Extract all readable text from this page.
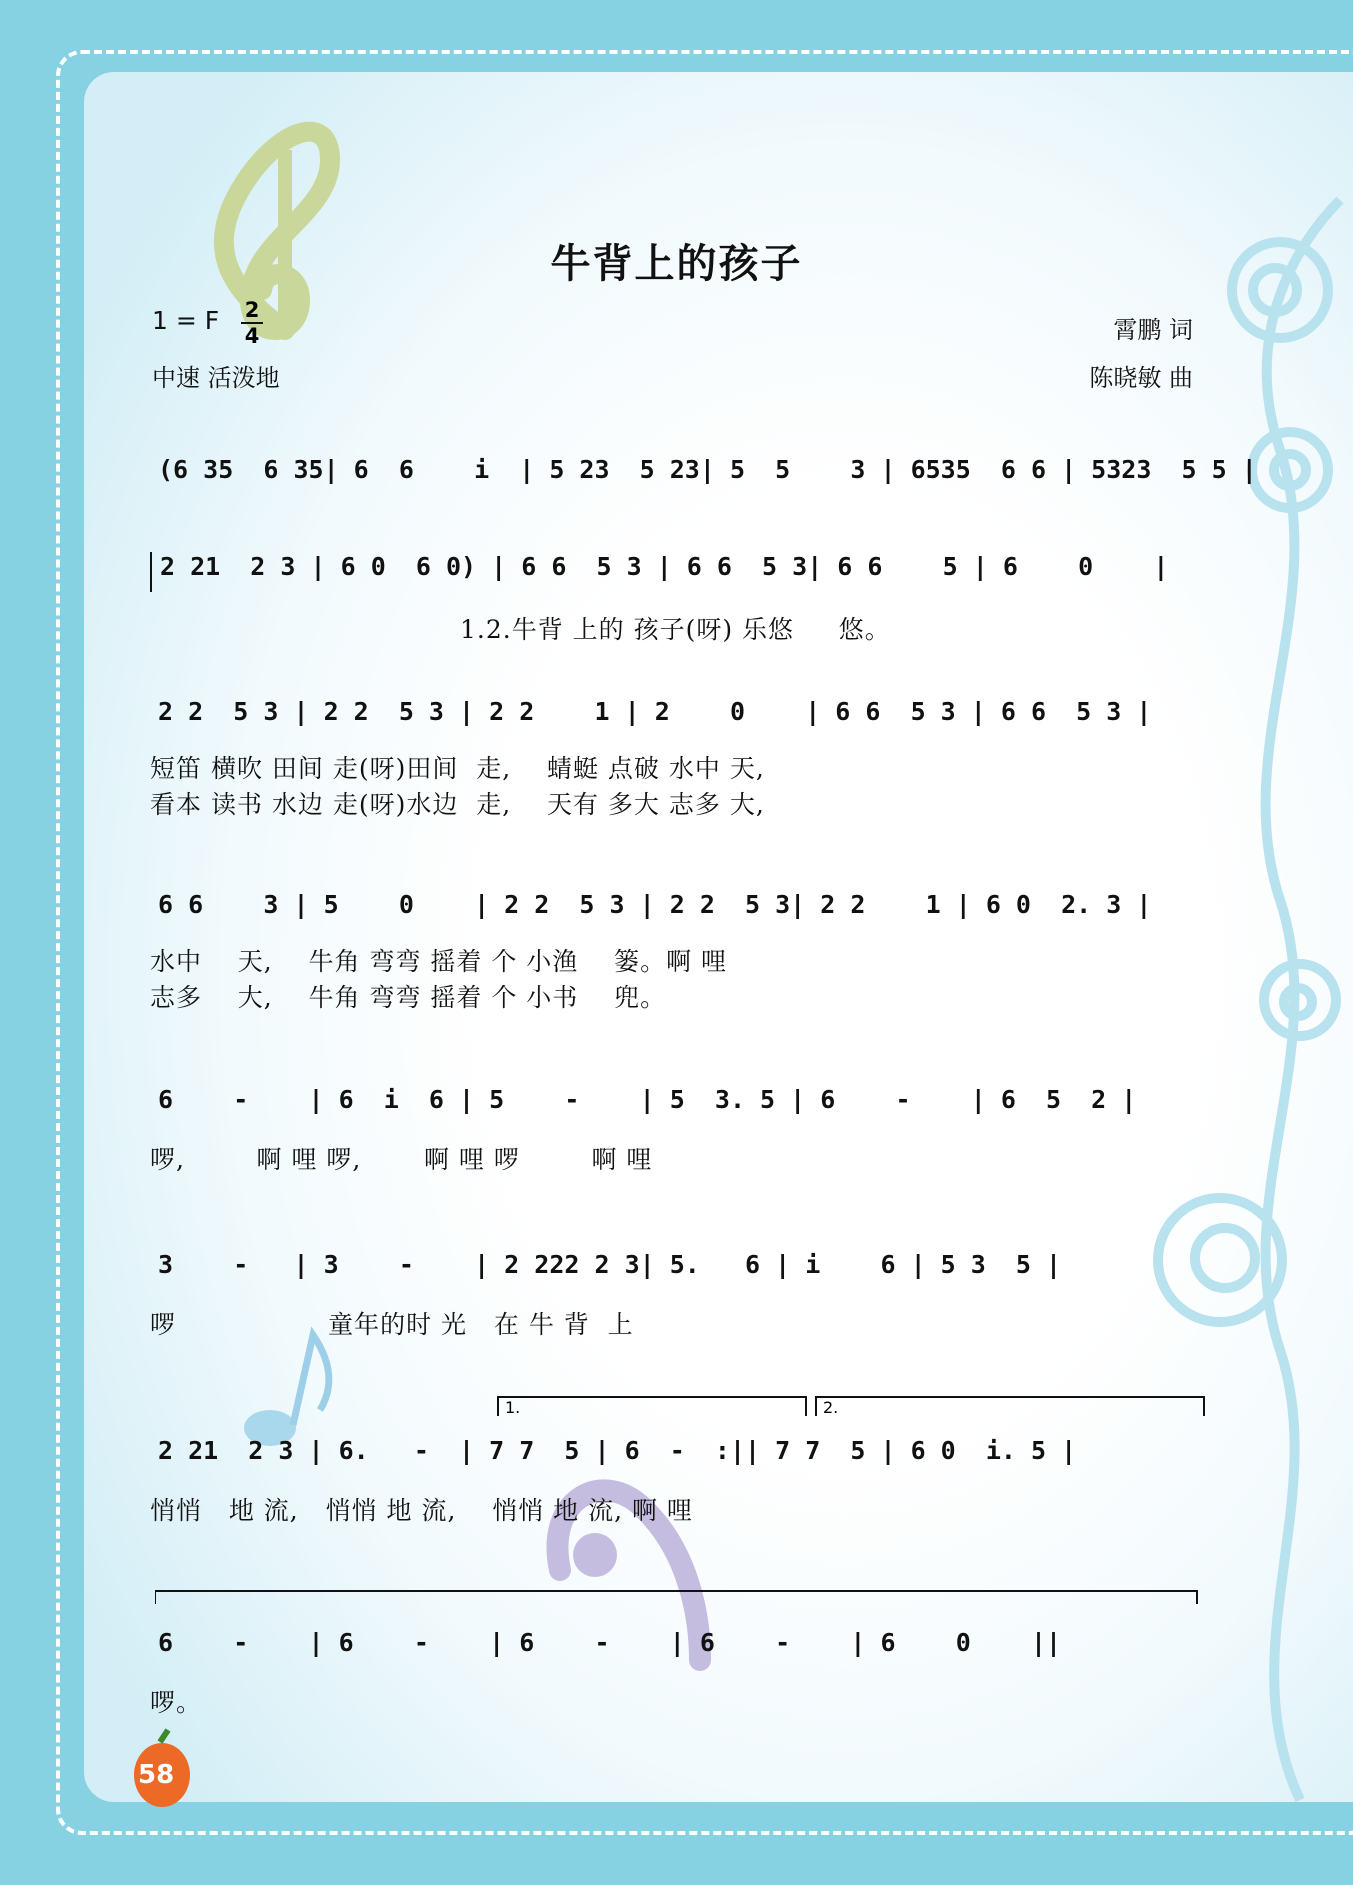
牛背上的孩子
1 = F 2
4
中速 活泼地
霄鹏 词
陈晓敏 曲
(6 35  6 35| 6  6    i  | 5 23  5 23| 5  5    3 | 6535  6 6 | 5323  5 5 |
2 21  2 3 | 6 0  6 0) | 6 6  5 3 | 6 6  5 3| 6 6    5 | 6    0    |
1.2.牛背 上的 孩子(呀) 乐悠     悠。
2 2  5 3 | 2 2  5 3 | 2 2    1 | 2    0    | 6 6  5 3 | 6 6  5 3 |
短笛 横吹 田间 走(呀)田间  走,    蜻蜓 点破 水中 天,
看本 读书 水边 走(呀)水边  走,    天有 多大 志多 大,
6 6    3 | 5    0    | 2 2  5 3 | 2 2  5 3| 2 2    1 | 6 0  2. 3 |
水中    天,    牛角 弯弯 摇着 个 小渔    篓。啊 哩
志多    大,    牛角 弯弯 摇着 个 小书    兜。
6    -    | 6  i  6 | 5    -    | 5  3. 5 | 6    -    | 6  5  2 |
啰,        啊 哩 啰,       啊 哩 啰        啊 哩
3    -   | 3    -    | 2 222 2 3| 5.   6 | i    6 | 5 3  5 |
啰                 童年的时 光   在 牛 背  上
1.	2.
2 21  2 3 | 6.   -  | 7 7  5 | 6  -  :|| 7 7  5 | 6 0  i. 5 |
悄悄   地 流,   悄悄 地 流,    悄悄 地 流, 啊 哩
6    -    | 6    -    | 6    -    | 6    -    | 6    0    ||
啰。
58
